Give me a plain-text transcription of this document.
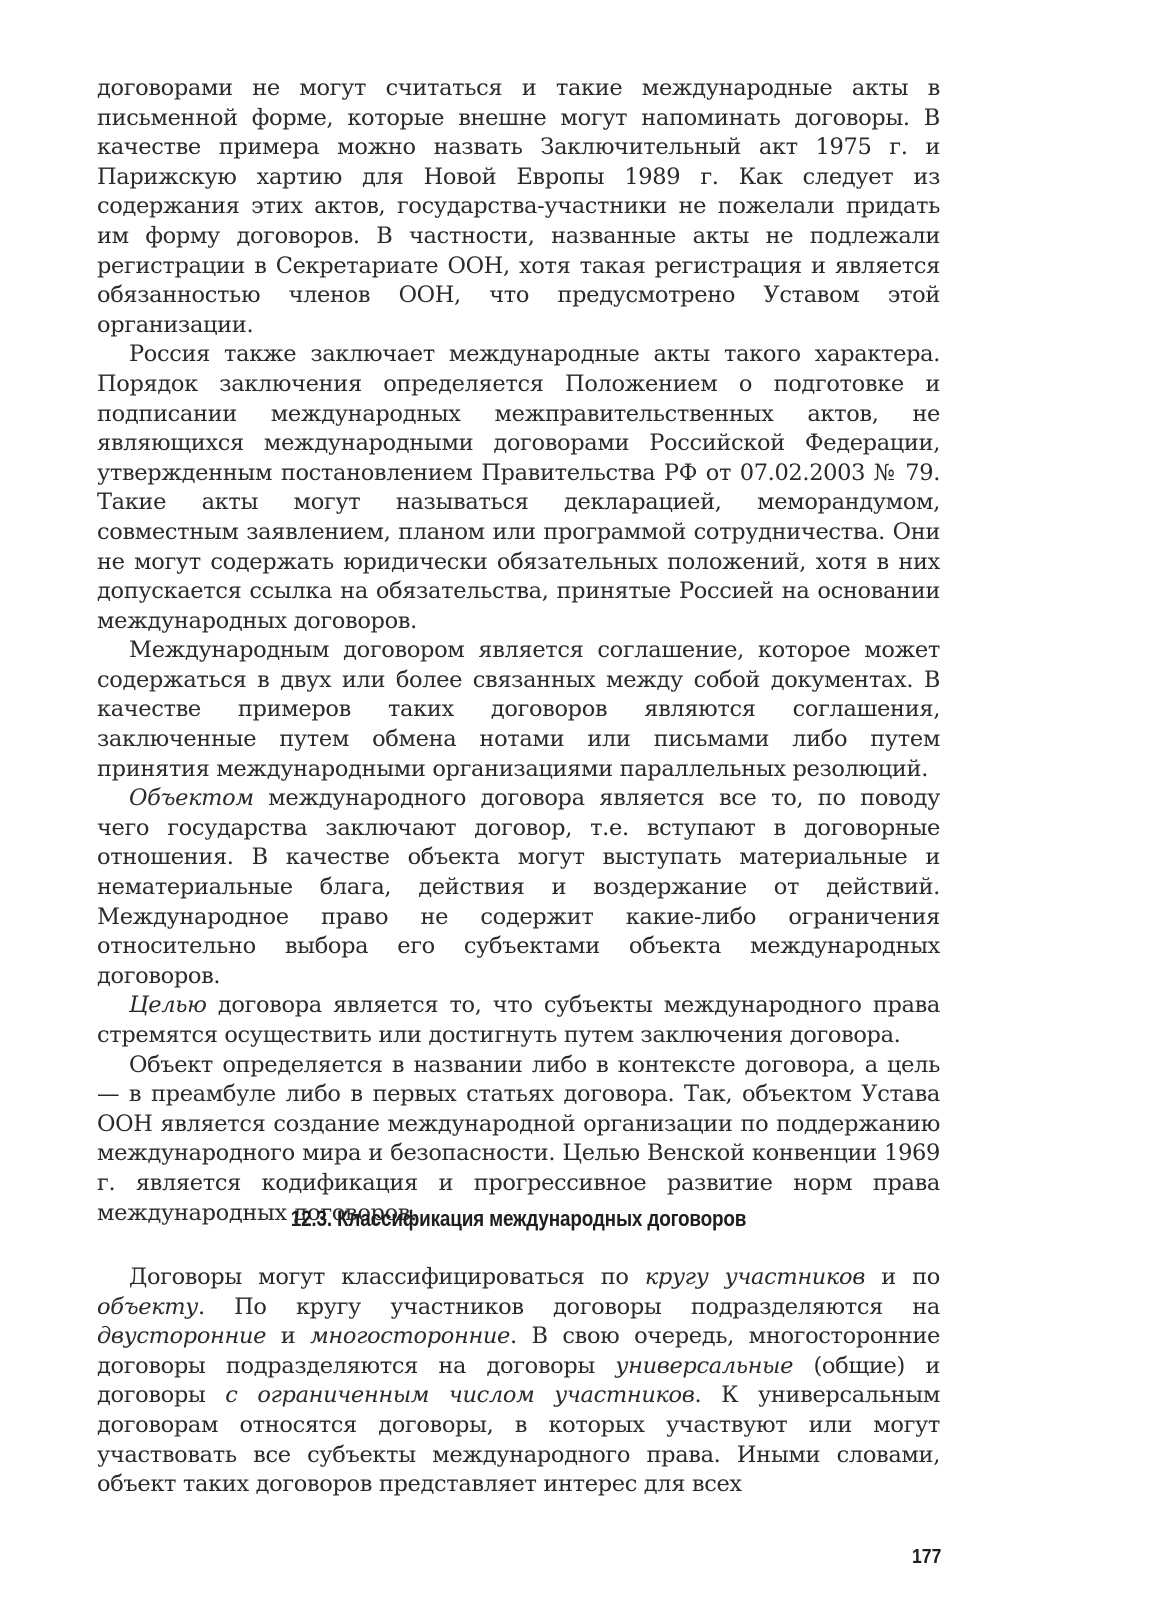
договорами не могут считаться и такие международные акты в письменной форме, которые внешне могут напоминать договоры. В качестве примера можно назвать Заключительный акт 1975 г. и Парижскую хартию для Новой Европы 1989 г. Как следует из содержания этих актов, государства-участники не пожелали придать им форму договоров. В частности, названные акты не подлежали регистрации в Секретариате ООН, хотя такая регистрация и является обязанностью членов ООН, что предусмотрено Уставом этой организации.

Россия также заключает международные акты такого характера. Порядок заключения определяется Положением о подготовке и подписании международных межправительственных актов, не являющихся международными договорами Российской Федерации, утвержденным постановлением Правительства РФ от 07.02.2003 № 79. Такие акты могут называться декларацией, меморандумом, совместным заявлением, планом или программой сотрудничества. Они не могут содержать юридически обязательных положений, хотя в них допускается ссылка на обязательства, принятые Россией на основании международных договоров.

Международным договором является соглашение, которое может содержаться в двух или более связанных между собой документах. В качестве примеров таких договоров являются соглашения, заключенные путем обмена нотами или письмами либо путем принятия международными организациями параллельных резолюций.

Объектом международного договора является все то, по поводу чего государства заключают договор, т.е. вступают в договорные отношения. В качестве объекта могут выступать материальные и нематериальные блага, действия и воздержание от действий. Международное право не содержит какие-либо ограничения относительно выбора его субъектами объекта международных договоров.

Целью договора является то, что субъекты международного права стремятся осуществить или достигнуть путем заключения договора.

Объект определяется в названии либо в контексте договора, а цель — в преамбуле либо в первых статьях договора. Так, объектом Устава ООН является создание международной организации по поддержанию международного мира и безопасности. Целью Венской конвенции 1969 г. является кодификация и прогрессивное развитие норм права международных договоров.

12.3. Классификация международных договоров

Договоры могут классифицироваться по кругу участников и по объекту. По кругу участников договоры подразделяются на двусторонние и многосторонние. В свою очередь, многосторонние договоры подразделяются на договоры универсальные (общие) и договоры с ограниченным числом участников. К универсальным договорам относятся договоры, в которых участвуют или могут участвовать все субъекты международного права. Иными словами, объект таких договоров представляет интерес для всех

177
